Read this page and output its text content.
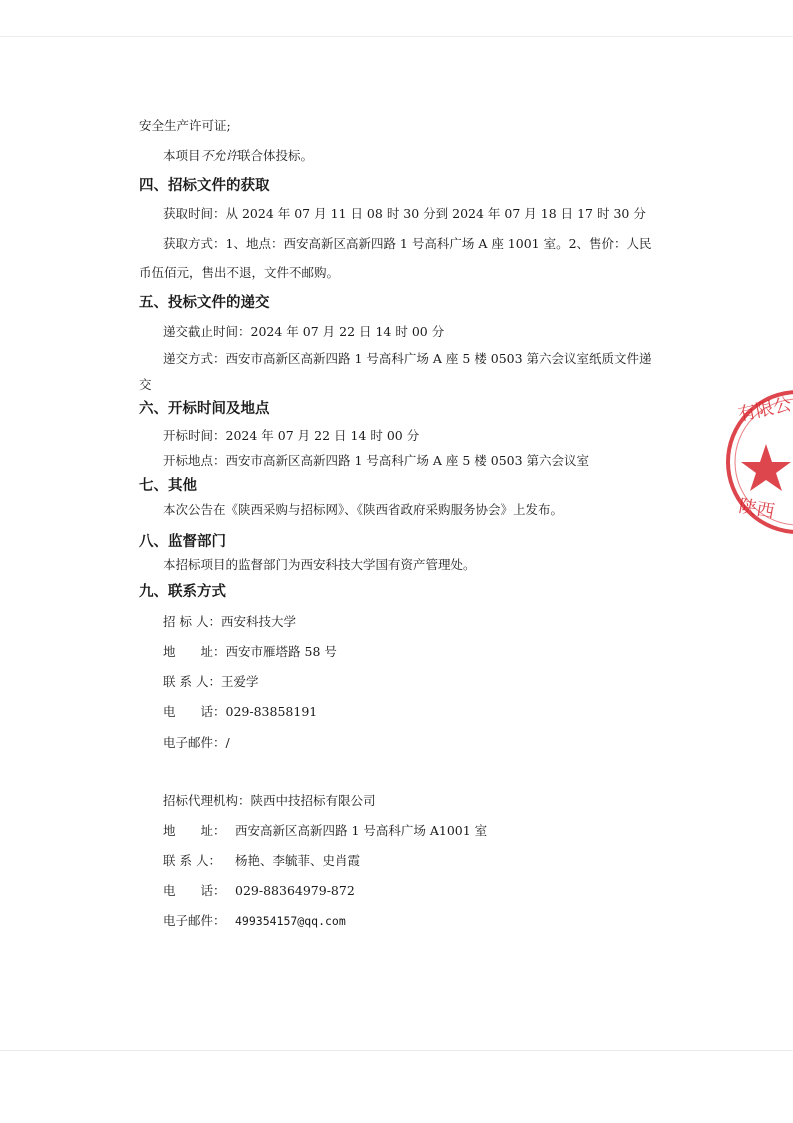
安全生产许可证;
本项目不允许联合体投标。
四、招标文件的获取
获取时间：从 2024 年 07 月 11 日 08 时 30 分到 2024 年 07 月 18 日 17 时 30 分
获取方式：1、地点：西安高新区高新四路 1 号高科广场 A 座 1001 室。2、售价：人民
币伍佰元，售出不退，文件不邮购。
五、投标文件的递交
递交截止时间：2024 年 07 月 22 日 14 时 00 分
递交方式：西安市高新区高新四路 1 号高科广场 A 座 5 楼 0503 第六会议室纸质文件递
交
六、开标时间及地点
开标时间：2024 年 07 月 22 日 14 时 00 分
开标地点：西安市高新区高新四路 1 号高科广场 A 座 5 楼 0503 第六会议室
七、其他
本次公告在《陕西采购与招标网》、《陕西省政府采购服务协会》上发布。
八、监督部门
本招标项目的监督部门为西安科技大学国有资产管理处。
九、联系方式
招 标 人：西安科技大学
地　　址：西安市雁塔路 58 号
联 系 人：王爱学
电　　话：029-83858191
电子邮件：/
招标代理机构：陕西中技招标有限公司
地　　址： 西安高新区高新四路 1 号高科广场 A1001 室
联 系 人： 杨艳、李毓菲、史肖霞
电　　话： 029-88364979-872
电子邮件： 499354157@qq.com
有限公
陕西
